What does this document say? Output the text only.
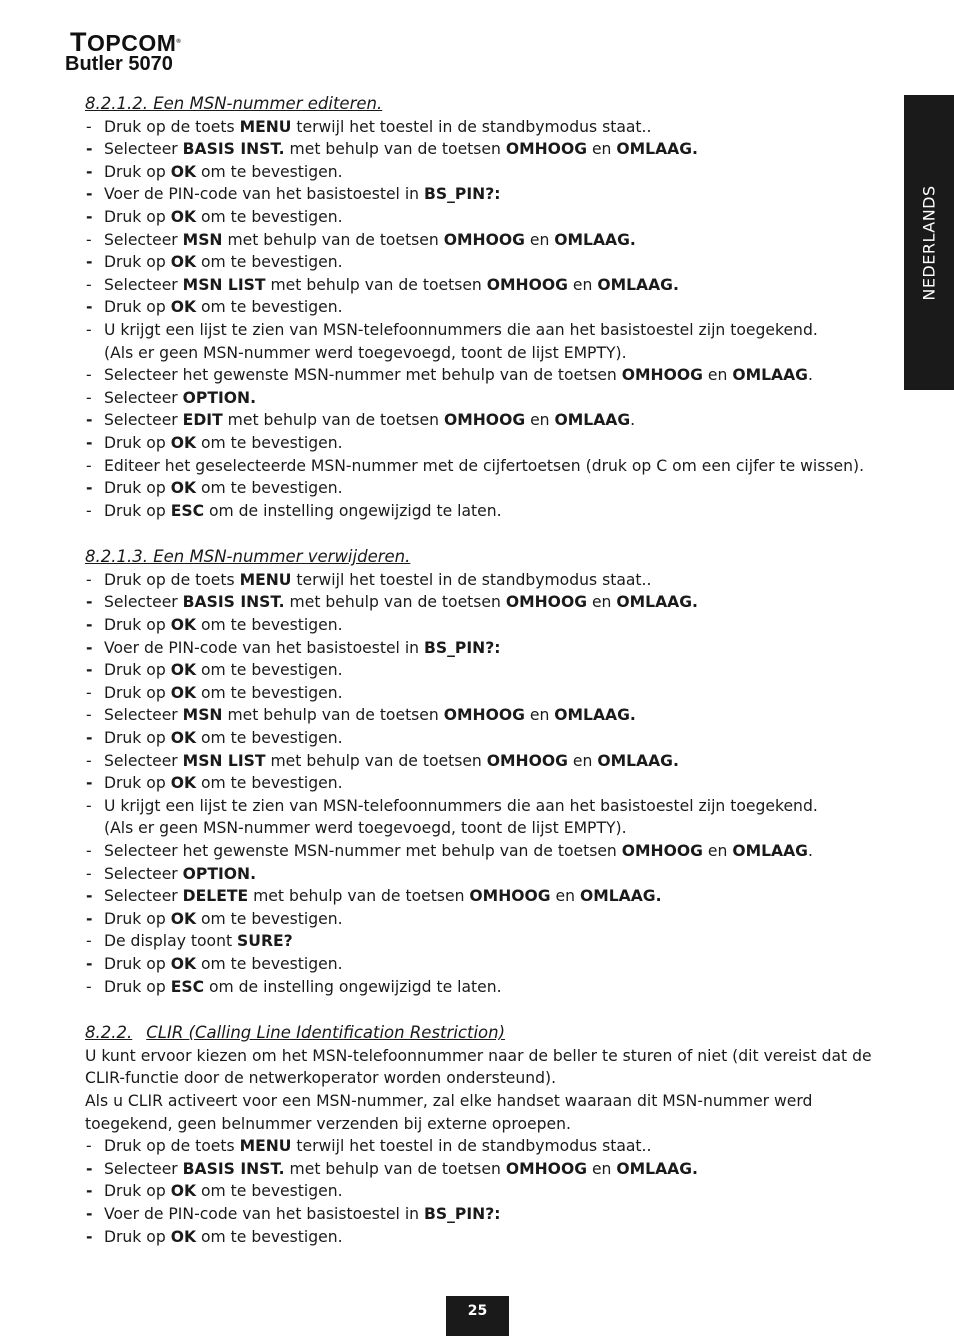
TOPCOM®
Butler 5070
NEDERLANDS
8.2.1.2. Een MSN-nummer editeren.
- Druk op de toets MENU terwijl het toestel in de standbymodus staat..
- Selecteer BASIS INST. met behulp van de toetsen OMHOOG en OMLAAG.
- Druk op OK om te bevestigen.
- Voer de PIN-code van het basistoestel in BS_PIN?:
- Druk op OK om te bevestigen.
- Selecteer MSN met behulp van de toetsen OMHOOG en OMLAAG.
- Druk op OK om te bevestigen.
- Selecteer MSN LIST met behulp van de toetsen OMHOOG en OMLAAG.
- Druk op OK om te bevestigen.
- U krijgt een lijst te zien van MSN-telefoonnummers die aan het basistoestel zijn toegekend.
(Als er geen MSN-nummer werd toegevoegd, toont de lijst EMPTY).
- Selecteer het gewenste MSN-nummer met behulp van de toetsen OMHOOG en OMLAAG.
- Selecteer OPTION.
- Selecteer EDIT met behulp van de toetsen OMHOOG en OMLAAG.
- Druk op OK om te bevestigen.
- Editeer het geselecteerde MSN-nummer met de cijfertoetsen (druk op C om een cijfer te wissen).
- Druk op OK om te bevestigen.
- Druk op ESC om de instelling ongewijzigd te laten.
8.2.1.3. Een MSN-nummer verwijderen.
- Druk op de toets MENU terwijl het toestel in de standbymodus staat..
- Selecteer BASIS INST. met behulp van de toetsen OMHOOG en OMLAAG.
- Druk op OK om te bevestigen.
- Voer de PIN-code van het basistoestel in BS_PIN?:
- Druk op OK om te bevestigen.
- Druk op OK om te bevestigen.
- Selecteer MSN met behulp van de toetsen OMHOOG en OMLAAG.
- Druk op OK om te bevestigen.
- Selecteer MSN LIST met behulp van de toetsen OMHOOG en OMLAAG.
- Druk op OK om te bevestigen.
- U krijgt een lijst te zien van MSN-telefoonnummers die aan het basistoestel zijn toegekend.
(Als er geen MSN-nummer werd toegevoegd, toont de lijst EMPTY).
- Selecteer het gewenste MSN-nummer met behulp van de toetsen OMHOOG en OMLAAG.
- Selecteer OPTION.
- Selecteer DELETE met behulp van de toetsen OMHOOG en OMLAAG.
- Druk op OK om te bevestigen.
- De display toont SURE?
- Druk op OK om te bevestigen.
- Druk op ESC om de instelling ongewijzigd te laten.
8.2.2. CLIR (Calling Line Identification Restriction)
U kunt ervoor kiezen om het MSN-telefoonnummer naar de beller te sturen of niet (dit vereist dat de
CLIR-functie door de netwerkoperator worden ondersteund).
Als u CLIR activeert voor een MSN-nummer, zal elke handset waaraan dit MSN-nummer werd
toegekend, geen belnummer verzenden bij externe oproepen.
- Druk op de toets MENU terwijl het toestel in de standbymodus staat..
- Selecteer BASIS INST. met behulp van de toetsen OMHOOG en OMLAAG.
- Druk op OK om te bevestigen.
- Voer de PIN-code van het basistoestel in BS_PIN?:
- Druk op OK om te bevestigen.
25
